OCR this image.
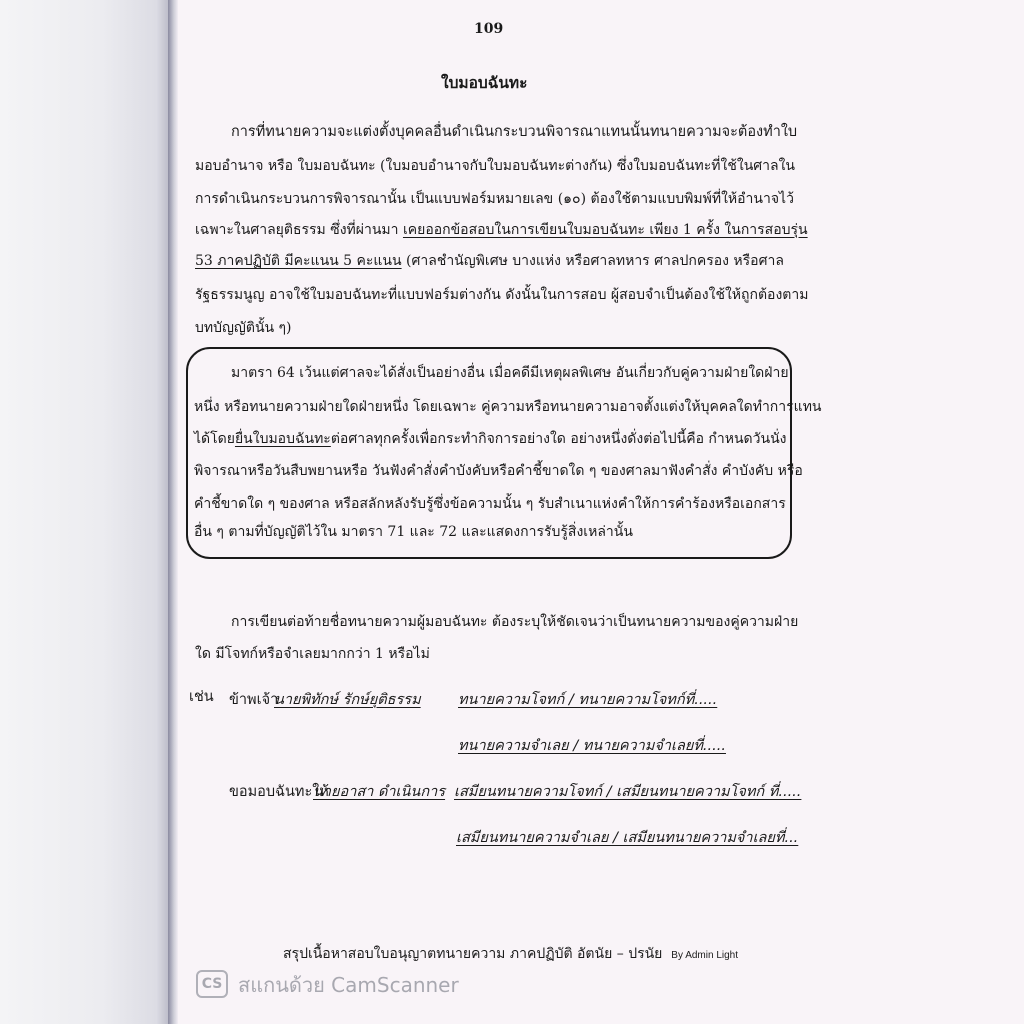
109
ใบมอบฉันทะ
การที่ทนายความจะแต่งตั้งบุคคลอื่นดำเนินกระบวนพิจารณาแทนนั้น ทนายความจะต้องทำใบ
มอบอำนาจ หรือ ใบมอบฉันทะ (ใบมอบอำนาจกับใบมอบฉันทะต่างกัน) ซึ่งใบมอบฉันทะที่ใช้ในศาลใน
การดำเนินกระบวนการพิจารณานั้น เป็นแบบฟอร์มหมายเลข (๑๐) ต้องใช้ตามแบบพิมพ์ที่ให้อำนาจไว้
เฉพาะในศาลยุติธรรม ซึ่งที่ผ่านมา เคยออกข้อสอบในการเขียนใบมอบฉันทะ เพียง 1 ครั้ง ในการสอบรุ่น
53 ภาคปฏิบัติ มีคะแนน 5 คะแนน (ศาลชำนัญพิเศษ บางแห่ง หรือศาลทหาร ศาลปกครอง หรือศาล
รัฐธรรมนูญ อาจใช้ใบมอบฉันทะที่แบบฟอร์มต่างกัน ดังนั้นในการสอบ ผู้สอบจำเป็นต้องใช้ให้ถูกต้องตาม
บทบัญญัตินั้น ๆ)
มาตรา 64 เว้นแต่ศาลจะได้สั่งเป็นอย่างอื่น เมื่อคดีมีเหตุผลพิเศษ อันเกี่ยวกับคู่ความฝ่ายใดฝ่าย
หนึ่ง หรือทนายความฝ่ายใดฝ่ายหนึ่ง โดยเฉพาะ คู่ความหรือทนายความอาจตั้งแต่งให้บุคคลใดทำการแทน
ได้โดยยื่นใบมอบฉันทะต่อศาลทุกครั้งเพื่อกระทำกิจการอย่างใด อย่างหนึ่งดั่งต่อไปนี้คือ กำหนดวันนั่ง
พิจารณาหรือวันสืบพยานหรือ วันฟังคำสั่งคำบังคับหรือคำชี้ขาดใด ๆ ของศาลมาฟังคำสั่ง คำบังคับ หรือ
คำชี้ขาดใด ๆ ของศาล หรือสลักหลังรับรู้ซึ่งข้อความนั้น ๆ รับสำเนาแห่งคำให้การคำร้องหรือเอกสาร
อื่น ๆ ตามที่บัญญัติไว้ใน มาตรา 71 และ 72 และแสดงการรับรู้สิ่งเหล่านั้น
การเขียนต่อท้ายชื่อทนายความผู้มอบฉันทะ ต้องระบุให้ชัดเจนว่าเป็นทนายความของคู่ความฝ่าย
ใด มีโจทก์หรือจำเลยมากกว่า 1 หรือไม่
เช่น ข้าพเจ้า
นายพิทักษ์ รักษ์ยุติธรรม	ทนายความโจทก์ / ทนายความโจทก์ที่.....
ทนายความจำเลย / ทนายความจำเลยที่.....
ขอมอบฉันทะให้
นายอาสา ดำเนินการ เสมียนทนายความโจทก์ / เสมียนทนายความโจทก์ ที่.....
เสมียนทนายความจำเลย / เสมียนทนายความจำเลยที่...
สรุปเนื้อหาสอบใบอนุญาตทนายความ ภาคปฏิบัติ อัตนัย – ปรนัย By Admin Light
CS สแกนด้วย CamScanner
